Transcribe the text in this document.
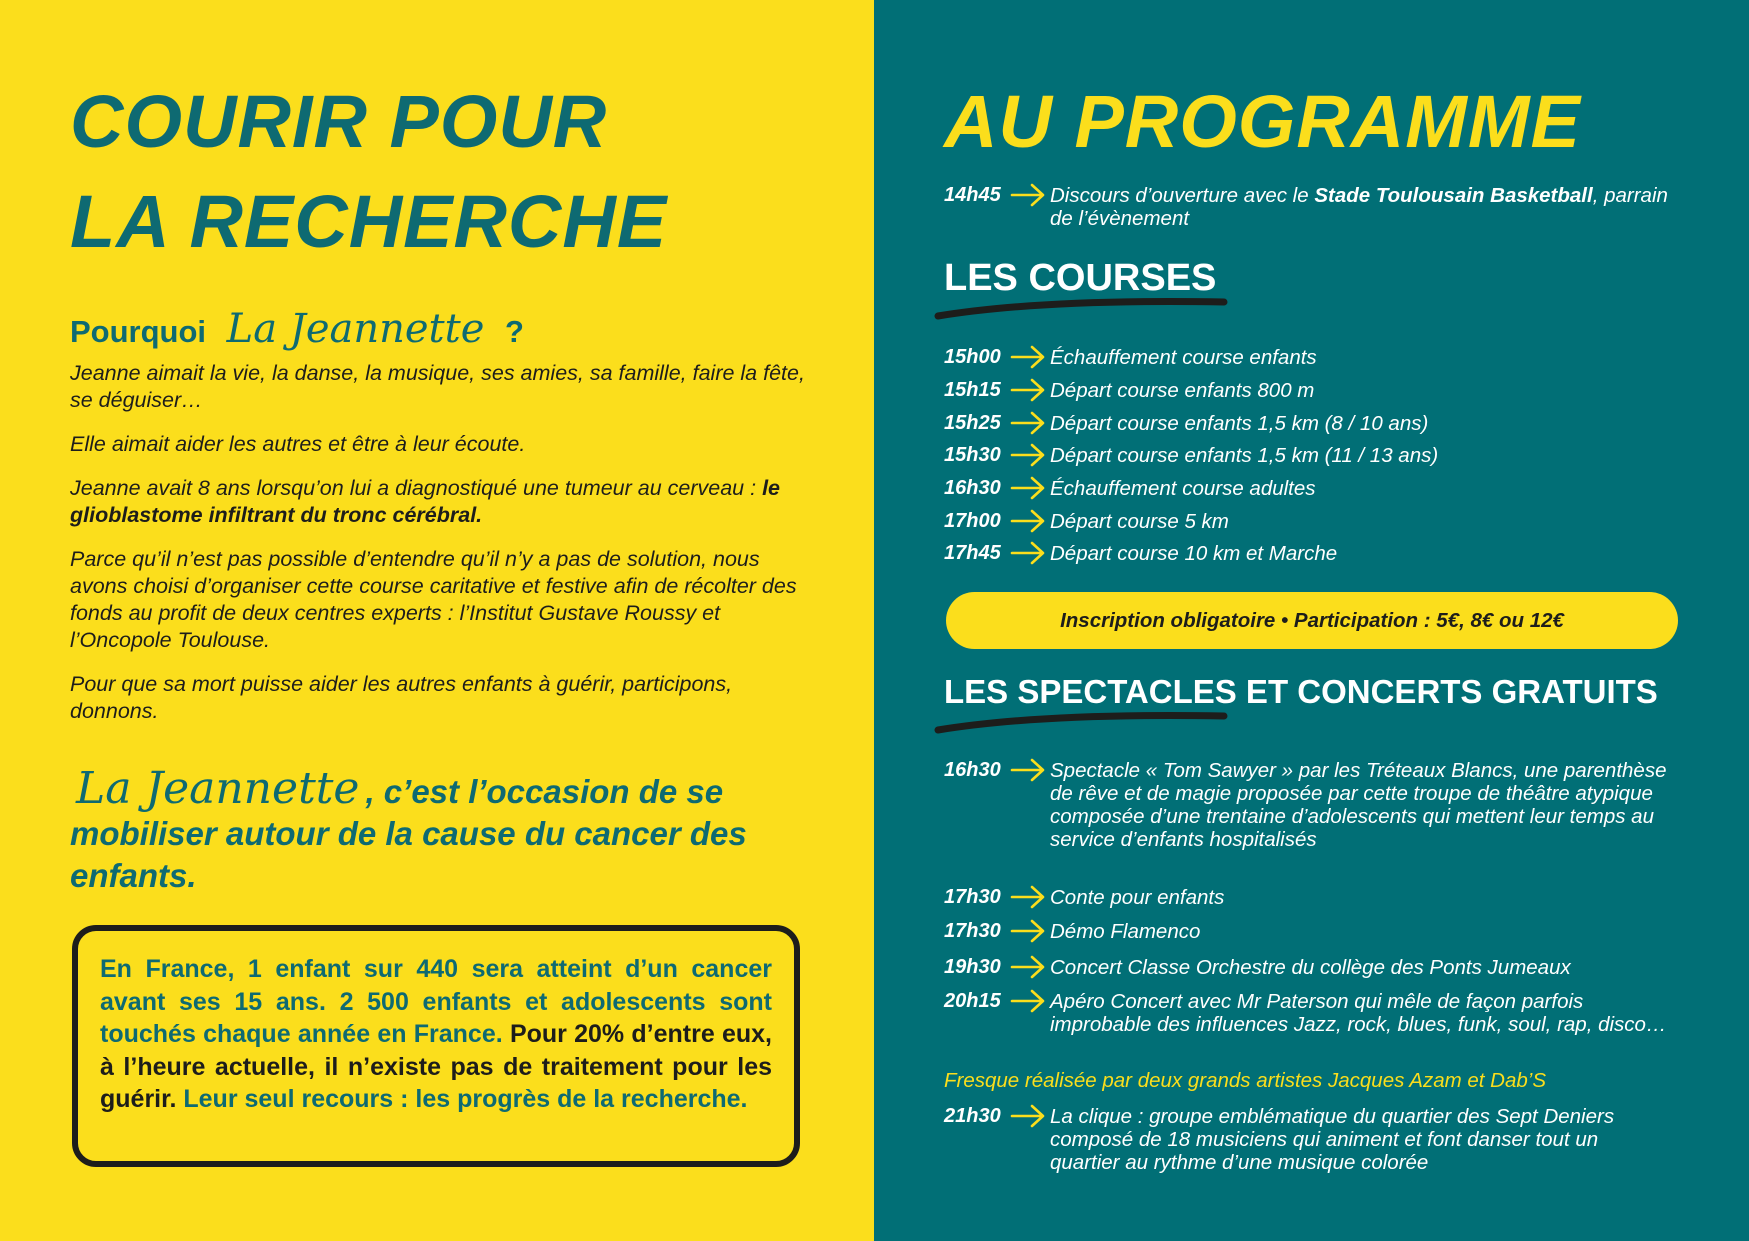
COURIR POUR
LA RECHERCHE
Pourquoi La Jeannette ?

Jeanne aimait la vie, la danse, la musique, ses amies, sa famille, faire la fête, se déguiser…

Elle aimait aider les autres et être à leur écoute.

Jeanne avait 8 ans lorsqu’on lui a diagnostiqué une tumeur au cerveau : le glioblastome infiltrant du tronc cérébral.

Parce qu’il n’est pas possible d’entendre qu’il n’y a pas de solution, nous avons choisi d’organiser cette course caritative et festive afin de récolter des fonds au profit de deux centres experts : l’Institut Gustave Roussy et l’Oncopole Toulouse.

Pour que sa mort puisse aider les autres enfants à guérir, participons, donnons.

La Jeannette , c’est l’occasion de se mobiliser autour de la cause du cancer des enfants.

En France, 1 enfant sur 440 sera atteint d’un cancer avant ses 15 ans. 2 500 enfants et adolescents sont touchés chaque année en France. Pour 20% d’entre eux, à l’heure actuelle, il n’existe pas de traitement pour les guérir. Leur seul recours : les progrès de la recherche.
AU PROGRAMME
14h45	Discours d’ouverture avec le Stade Toulousain Basketball, parrain de l’évènement
LES COURSES
15h00	Échauffement course enfants
15h15	Départ course enfants 800 m
15h25	Départ course enfants 1,5 km (8 / 10 ans)
15h30	Départ course enfants 1,5 km (11 / 13 ans)
16h30	Échauffement course adultes
17h00	Départ course 5 km
17h45	Départ course 10 km et Marche
Inscription obligatoire • Participation : 5€, 8€ ou 12€
LES SPECTACLES ET CONCERTS GRATUITS
16h30	Spectacle « Tom Sawyer » par les Tréteaux Blancs, une parenthèse de rêve et de magie proposée par cette troupe de théâtre atypique composée d’une trentaine d’adolescents qui mettent leur temps au service d’enfants hospitalisés
17h30	Conte pour enfants
17h30	Démo Flamenco
19h30	Concert Classe Orchestre du collège des Ponts Jumeaux
20h15	Apéro Concert avec Mr Paterson qui mêle de façon parfois improbable des influences Jazz, rock, blues, funk, soul, rap, disco…

Fresque réalisée par deux grands artistes Jacques Azam et Dab’S

21h30	La clique : groupe emblématique du quartier des Sept Deniers composé de 18 musiciens qui animent et font danser tout un quartier au rythme d’une musique colorée
